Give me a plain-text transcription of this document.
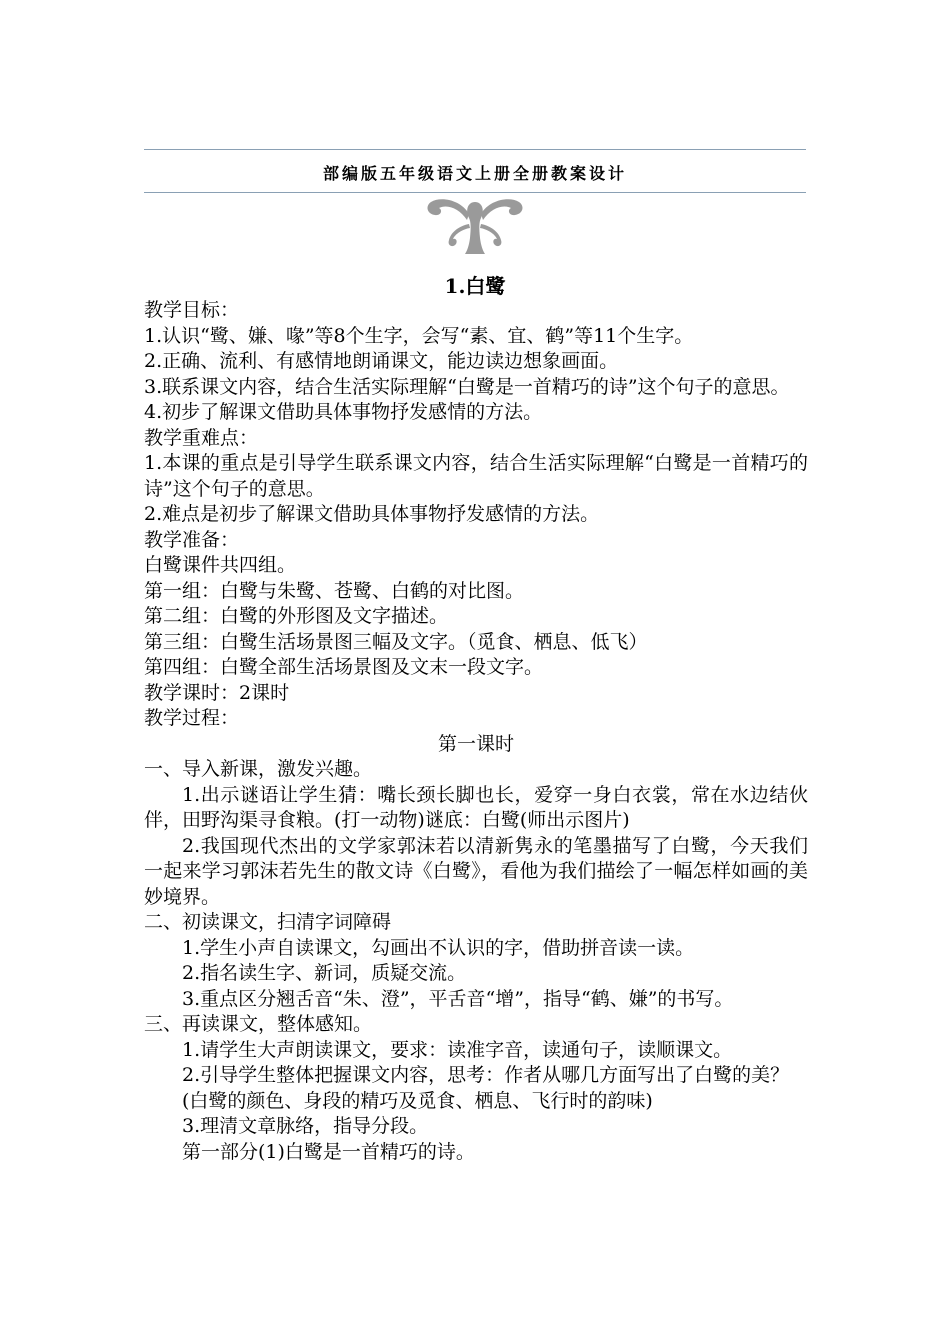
部编版五年级语文上册全册教案设计
1.白鹭

教学目标：

1.认识“鹭、嫌、喙”等8个生字，会写“素、宜、鹤”等11个生字。

2.正确、流利、有感情地朗诵课文，能边读边想象画面。

3.联系课文内容，结合生活实际理解“白鹭是一首精巧的诗”这个句子的意思。

4.初步了解课文借助具体事物抒发感情的方法。

教学重难点：

1.本课的重点是引导学生联系课文内容，结合生活实际理解“白鹭是一首精巧的诗”这个句子的意思。

2.难点是初步了解课文借助具体事物抒发感情的方法。

教学准备：

白鹭课件共四组。

第一组：白鹭与朱鹭、苍鹭、白鹤的对比图。

第二组：白鹭的外形图及文字描述。

第三组：白鹭生活场景图三幅及文字。（觅食、栖息、低飞）

第四组：白鹭全部生活场景图及文末一段文字。

教学课时：2课时

教学过程：

第一课时

一、导入新课，激发兴趣。

1.出示谜语让学生猜：嘴长颈长脚也长，爱穿一身白衣裳，常在水边结伙伴，田野沟渠寻食粮。(打一动物)谜底：白鹭(师出示图片)

2.我国现代杰出的文学家郭沫若以清新隽永的笔墨描写了白鹭，今天我们一起来学习郭沫若先生的散文诗《白鹭》，看他为我们描绘了一幅怎样如画的美妙境界。

二、初读课文，扫清字词障碍

1.学生小声自读课文，勾画出不认识的字，借助拼音读一读。

2.指名读生字、新词，质疑交流。

3.重点区分翘舌音“朱、澄”，平舌音“增”，指导“鹤、嫌”的书写。

三、再读课文，整体感知。

1.请学生大声朗读课文，要求：读准字音，读通句子，读顺课文。

2.引导学生整体把握课文内容，思考：作者从哪几方面写出了白鹭的美？

(白鹭的颜色、身段的精巧及觅食、栖息、飞行时的韵味)

3.理清文章脉络，指导分段。

第一部分(1)白鹭是一首精巧的诗。
